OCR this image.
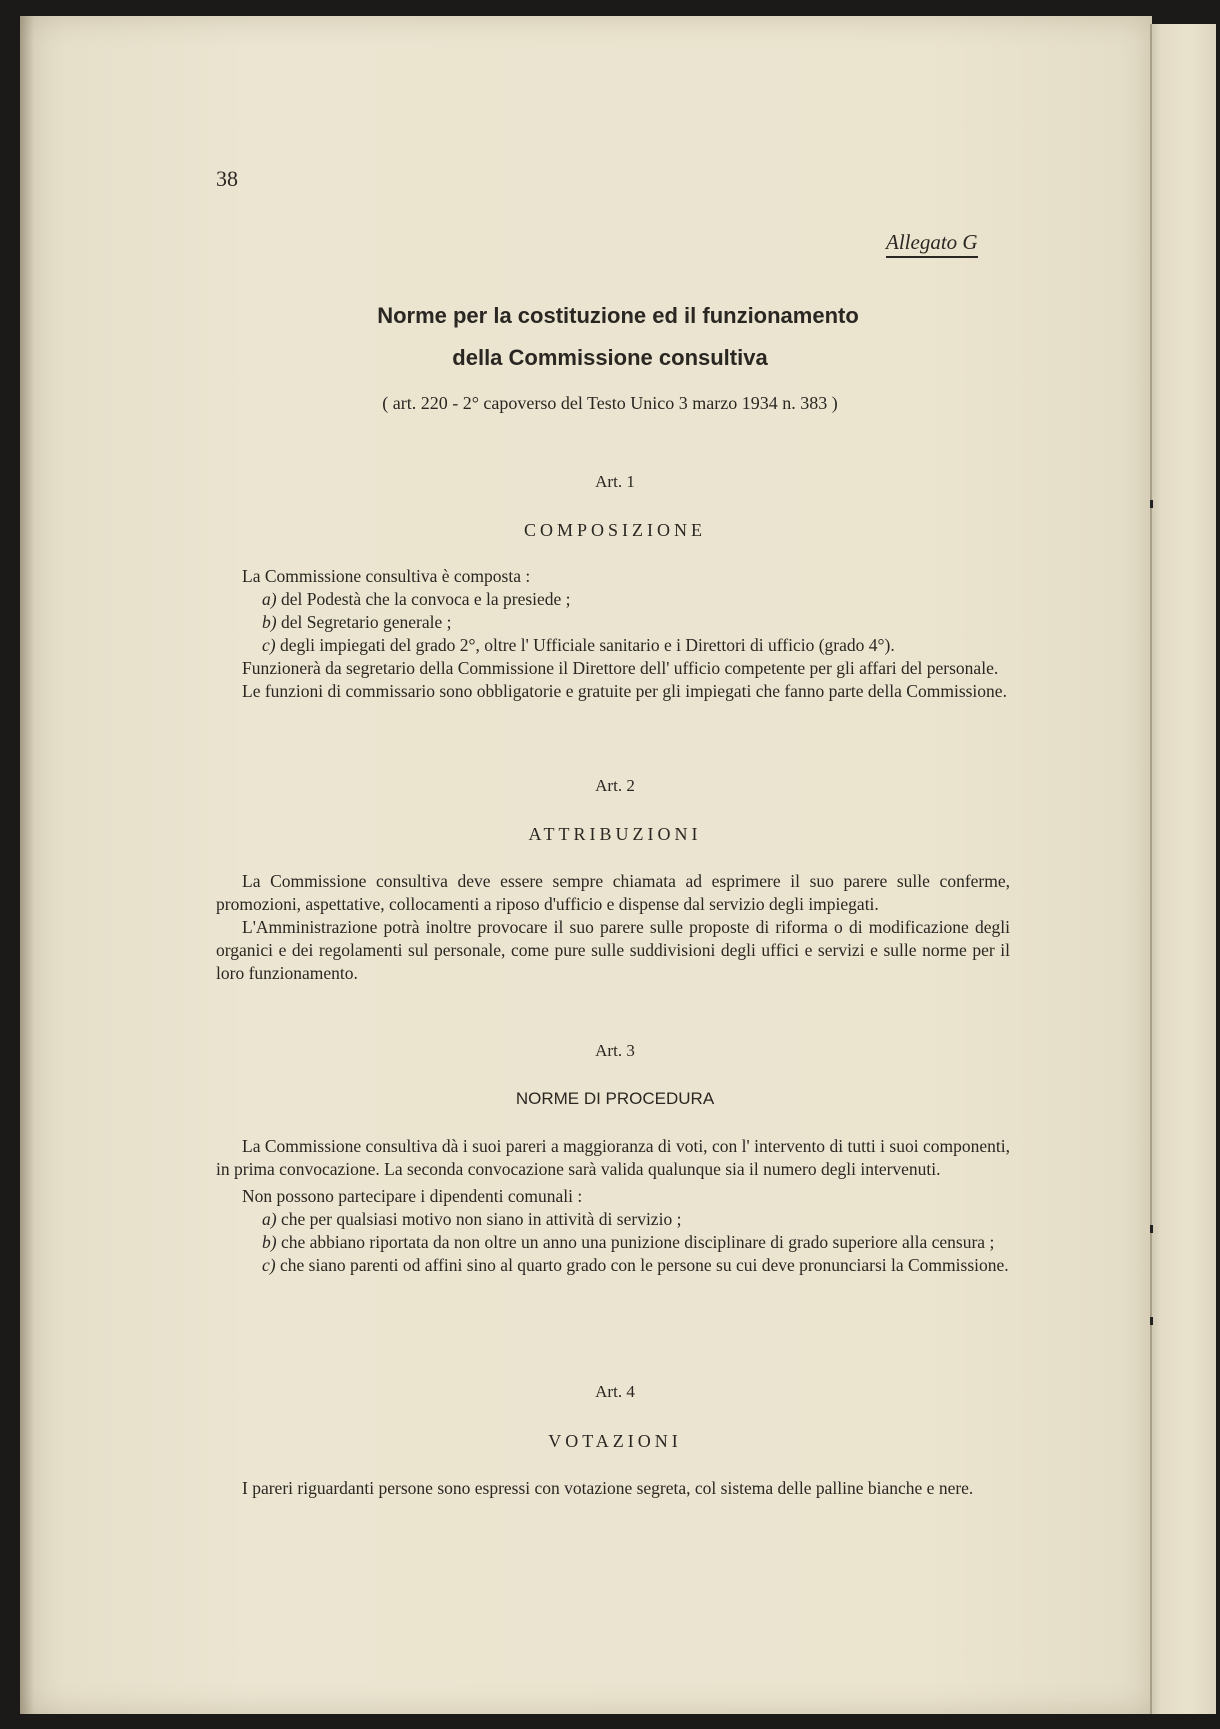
38
Allegato G
Norme per la costituzione ed il funzionamento
della Commissione consultiva
( art. 220 - 2° capoverso del Testo Unico 3 marzo 1934 n. 383 )
Art. 1
COMPOSIZIONE

La Commissione consultiva è composta :

a) del Podestà che la convoca e la presiede ;

b) del Segretario generale ;

c) degli impiegati del grado 2°, oltre l' Ufficiale sanitario e i Direttori di ufficio (grado 4°).

Funzionerà da segretario della Commissione il Direttore dell' ufficio competente per gli affari del personale.

Le funzioni di commissario sono obbligatorie e gratuite per gli impiegati che fanno parte della Commissione.

Art. 2
ATTRIBUZIONI

La Commissione consultiva deve essere sempre chiamata ad esprimere il suo parere sulle conferme, promozioni, aspettative, collocamenti a riposo d'ufficio e dispense dal servizio degli impiegati.

L'Amministrazione potrà inoltre provocare il suo parere sulle proposte di riforma o di modificazione degli organici e dei regolamenti sul personale, come pure sulle suddivisioni degli uffici e servizi e sulle norme per il loro funzionamento.

Art. 3
NORME DI PROCEDURA

La Commissione consultiva dà i suoi pareri a maggioranza di voti, con l' intervento di tutti i suoi componenti, in prima convocazione. La seconda convocazione sarà valida qualunque sia il numero degli intervenuti.

Non possono partecipare i dipendenti comunali :

a) che per qualsiasi motivo non siano in attività di servizio ;

b) che abbiano riportata da non oltre un anno una punizione disciplinare di grado superiore alla censura ;

c) che siano parenti od affini sino al quarto grado con le persone su cui deve pronunciarsi la Commissione.

Art. 4
VOTAZIONI

I pareri riguardanti persone sono espressi con votazione segreta, col sistema delle palline bianche e nere.
